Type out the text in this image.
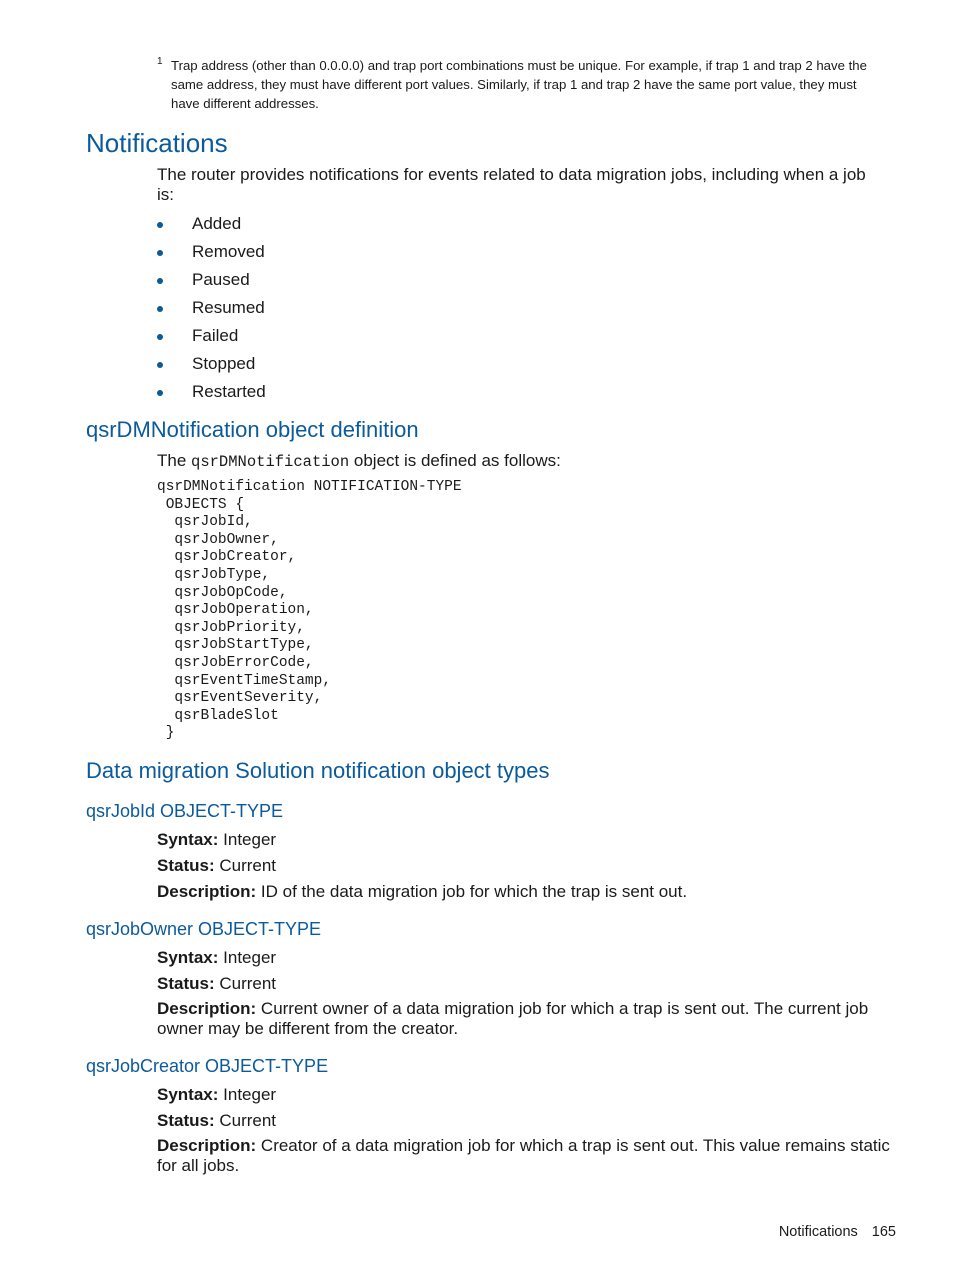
1 Trap address (other than 0.0.0.0) and trap port combinations must be unique. For example, if trap 1 and trap 2 have the same address, they must have different port values. Similarly, if trap 1 and trap 2 have the same port value, they must have different addresses.
Notifications

The router provides notifications for events related to data migration jobs, including when a job is:

Added
Removed
Paused
Resumed
Failed
Stopped
Restarted
qsrDMNotification object definition

The qsrDMNotification object is defined as follows:

qsrDMNotification NOTIFICATION-TYPE
OBJECTS {
qsrJobId,
qsrJobOwner,
qsrJobCreator,
qsrJobType,
qsrJobOpCode,
qsrJobOperation,
qsrJobPriority,
qsrJobStartType,
qsrJobErrorCode,
qsrEventTimeStamp,
qsrEventSeverity,
qsrBladeSlot
}
Data migration Solution notification object types
qsrJobId OBJECT-TYPE

Syntax: Integer

Status: Current

Description: ID of the data migration job for which the trap is sent out.

qsrJobOwner OBJECT-TYPE

Syntax: Integer

Status: Current

Description: Current owner of a data migration job for which a trap is sent out. The current job owner may be different from the creator.

qsrJobCreator OBJECT-TYPE

Syntax: Integer

Status: Current

Description: Creator of a data migration job for which a trap is sent out. This value remains static for all jobs.

Notifications 165
